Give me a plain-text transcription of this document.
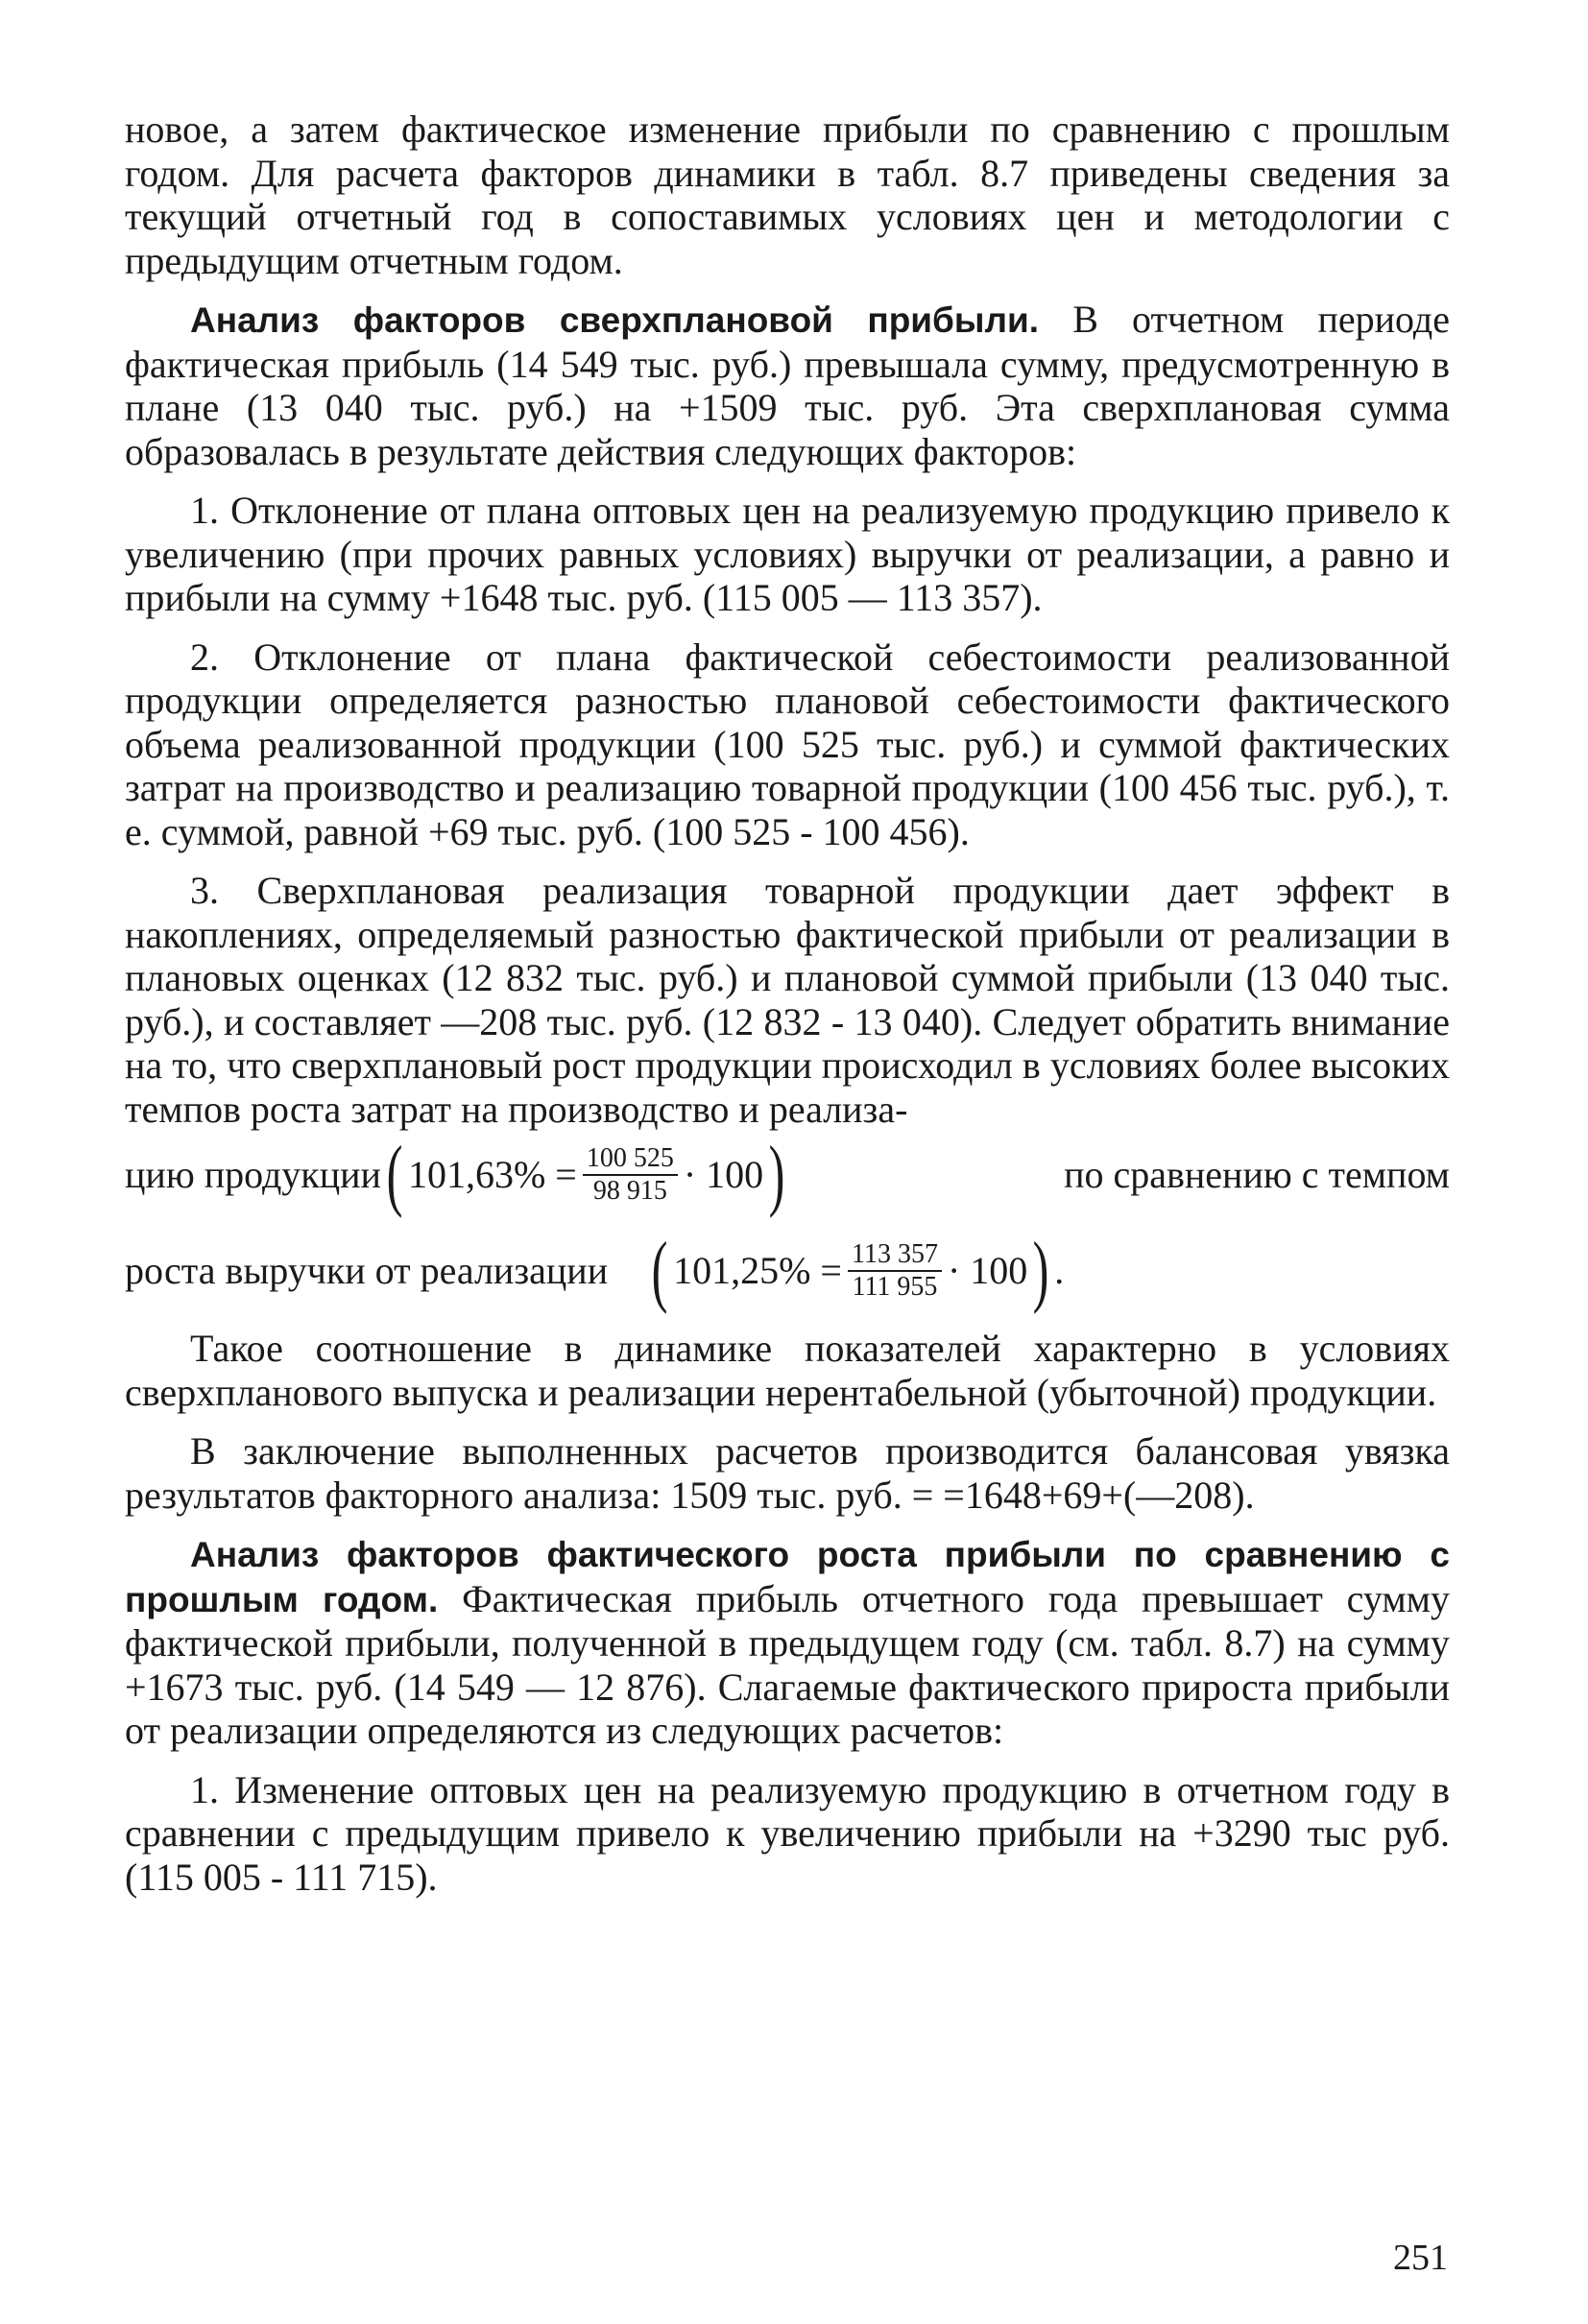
новое, а затем фактическое изменение прибыли по сравнению с прошлым годом. Для расчета факторов динамики в табл. 8.7 приведены сведения за текущий отчетный год в сопоставимых условиях цен и методологии с предыдущим отчетным годом.

Анализ факторов сверхплановой прибыли. В отчетном периоде фактическая прибыль (14 549 тыс. руб.) превышала сумму, предусмотренную в плане (13 040 тыс. руб.) на +1509 тыс. руб. Эта сверхплановая сумма образовалась в результате действия следующих факторов:

1. Отклонение от плана оптовых цен на реализуемую продукцию привело к увеличению (при прочих равных условиях) выручки от реализации, а равно и прибыли на сумму +1648 тыс. руб. (115 005 — 113 357).

2. Отклонение от плана фактической себестоимости реализованной продукции определяется разностью плановой себестоимости фактического объема реализованной продукции (100 525 тыс. руб.) и суммой фактических затрат на производство и реализацию товарной продукции (100 456 тыс. руб.), т. е. суммой, равной +69 тыс. руб. (100 525 - 100 456).

3. Сверхплановая реализация товарной продукции дает эффект в накоплениях, определяемый разностью фактической прибыли от реализации в плановых оценках (12 832 тыс. руб.) и плановой суммой прибыли (13 040 тыс. руб.), и составляет —208 тыс. руб. (12 832 - 13 040). Следует обратить внимание на то, что сверхплановый рост продукции происходил в условиях более высоких темпов роста затрат на производство и реализа-

цию продукции ( $101,63\% = \frac{100 525}{98 915} \cdot 100$ )	по сравнению с темпом
роста выручки от реализации ( $101,25\% = \frac{113 357}{111 955} \cdot 100$ ) .

Такое соотношение в динамике показателей характерно в условиях сверхпланового выпуска и реализации нерентабельной (убыточной) продукции.

В заключение выполненных расчетов производится балансовая увязка результатов факторного анализа: 1509 тыс. руб. = =1648+69+(—208).

Анализ факторов фактического роста прибыли по сравнению с прошлым годом. Фактическая прибыль отчетного года превышает сумму фактической прибыли, полученной в предыдущем году (см. табл. 8.7) на сумму +1673 тыс. руб. (14 549 — 12 876). Слагаемые фактического прироста прибыли от реализации определяются из следующих расчетов:

1. Изменение оптовых цен на реализуемую продукцию в отчетном году в сравнении с предыдущим привело к увеличению прибыли на +3290 тыс руб. (115 005 - 111 715).

251
